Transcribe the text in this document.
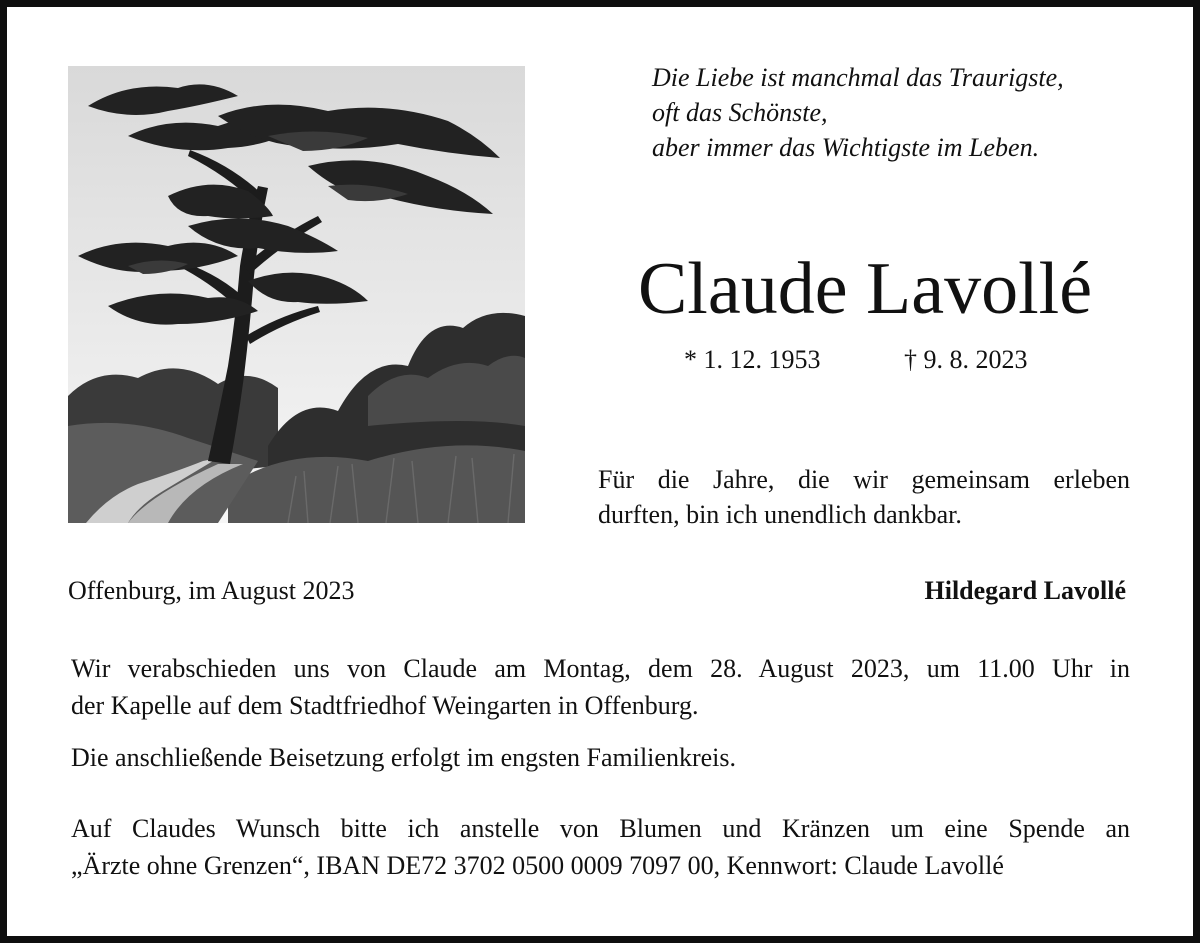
Die Liebe ist manchmal das Traurigste,
oft das Schönste,
aber immer das Wichtigste im Leben.

Claude Lavollé
* 1. 12. 1953	† 9. 8. 2023

Für die Jahre, die wir gemeinsam erleben
durften, bin ich unendlich dankbar.

Offenburg, im August 2023	Hildegard Lavollé

Wir verabschieden uns von Claude am Montag, dem 28. August 2023, um 11.00 Uhr in
der Kapelle auf dem Stadtfriedhof Weingarten in Offenburg.

Die anschließende Beisetzung erfolgt im engsten Familienkreis.

Auf Claudes Wunsch bitte ich anstelle von Blumen und Kränzen um eine Spende an
„Ärzte ohne Grenzen“, IBAN DE72 3702 0500 0009 7097 00, Kennwort: Claude Lavollé
